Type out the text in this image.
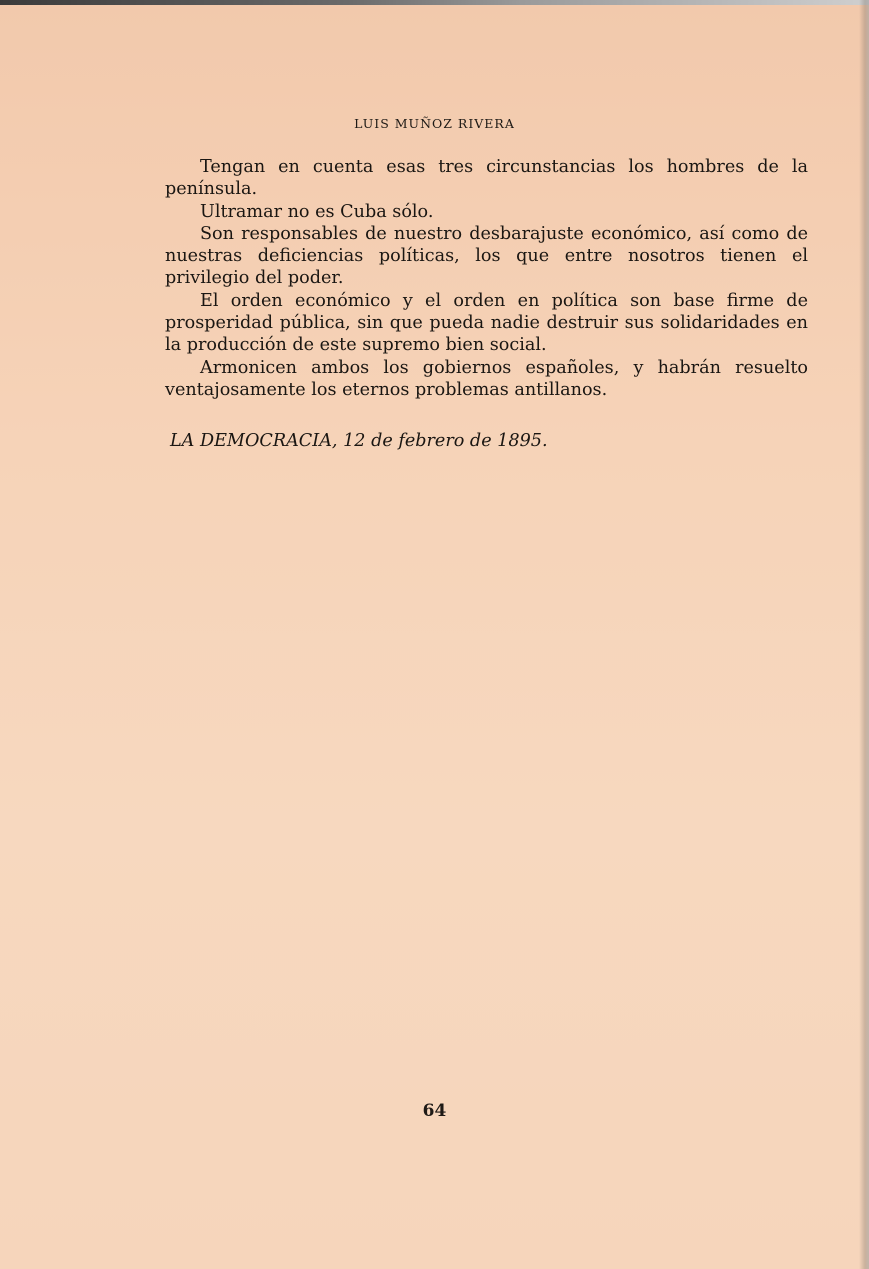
LUIS MUÑOZ RIVERA

Tengan en cuenta esas tres circunstancias los hombres de la península.

Ultramar no es Cuba sólo.

Son responsables de nuestro desbarajuste económico, así como de nuestras deficiencias políticas, los que entre nosotros tienen el privilegio del poder.

El orden económico y el orden en política son base firme de prosperidad pública, sin que pueda nadie destruir sus solidaridades en la producción de este supremo bien social.

Armonicen ambos los gobiernos españoles, y habrán resuelto ventajosamente los eternos problemas antillanos.

LA DEMOCRACIA, 12 de febrero de 1895.
64
